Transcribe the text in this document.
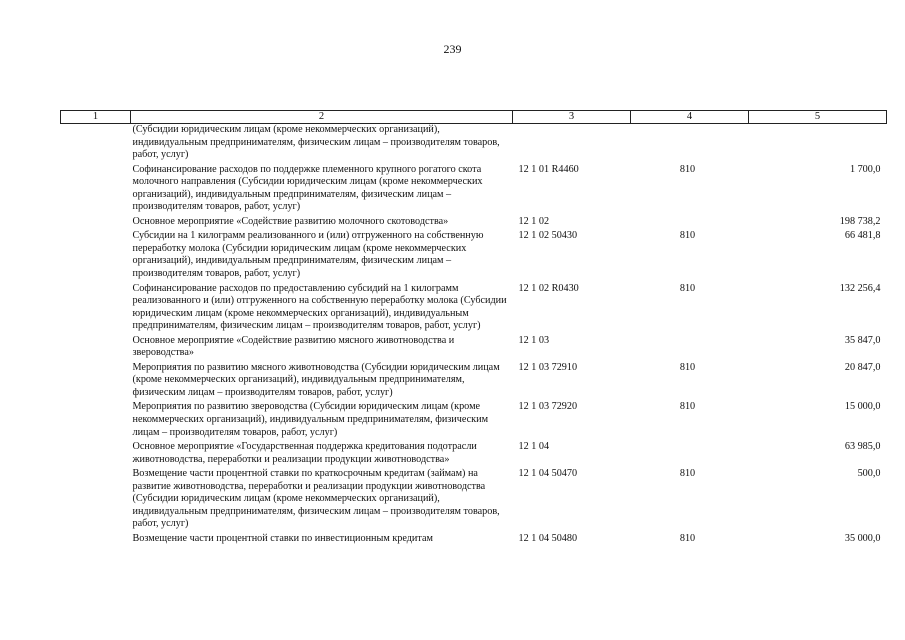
239
1	2	3	4	5
(Субсидии юридическим лицам (кроме некоммерческих организаций), индивидуальным предпринимателям, физическим лицам – производителям товаров, работ, услуг)				
Софинансирование расходов по поддержке племенного крупного рогатого скота молочного направления (Субсидии юридическим лицам (кроме некоммерческих организаций), индивидуальным предпринимателям, физическим лицам – производителям товаров, работ, услуг)		12 1 01 R4460	810	1 700,0
Основное мероприятие «Содействие развитию молочного скотоводства»		12 1 02		198 738,2
Субсидии на 1 килограмм реализованного и (или) отгруженного на собственную переработку молока (Субсидии юридическим лицам (кроме некоммерческих организаций), индивидуальным предпринимателям, физическим лицам – производителям товаров, работ, услуг)		12 1 02 50430	810	66 481,8
Софинансирование расходов по предоставлению субсидий на 1 килограмм реализованного и (или) отгруженного на собственную переработку молока (Субсидии юридическим лицам (кроме некоммерческих организаций), индивидуальным предпринимателям, физическим лицам – производителям товаров, работ, услуг)		12 1 02 R0430	810	132 256,4
Основное мероприятие «Содействие развитию мясного животноводства и звероводства»		12 1 03		35 847,0
Мероприятия по развитию мясного животноводства (Субсидии юридическим лицам (кроме некоммерческих организаций), индивидуальным предпринимателям, физическим лицам – производителям товаров, работ, услуг)		12 1 03 72910	810	20 847,0
Мероприятия по развитию звероводства (Субсидии юридическим лицам (кроме некоммерческих организаций), индивидуальным предпринимателям, физическим лицам – производителям товаров, работ, услуг)		12 1 03 72920	810	15 000,0
Основное мероприятие «Государственная поддержка кредитования подотрасли животноводства, переработки и реализации продукции животноводства»		12 1 04		63 985,0
Возмещение части процентной ставки по краткосрочным кредитам (займам) на развитие животноводства, переработки и реализации продукции животноводства (Субсидии юридическим лицам (кроме некоммерческих организаций), индивидуальным предпринимателям, физическим лицам – производителям товаров, работ, услуг)		12 1 04 50470	810	500,0
Возмещение части процентной ставки по инвестиционным кредитам		12 1 04 50480	810	35 000,0
